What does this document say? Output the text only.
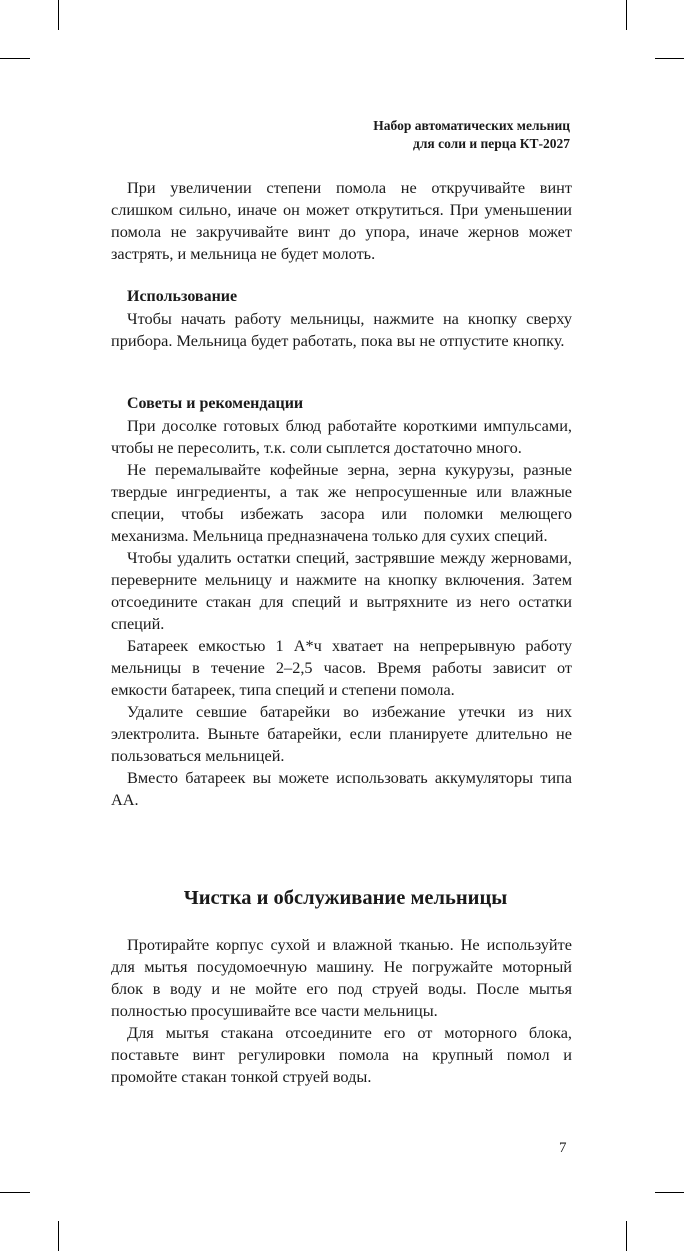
Набор автоматических мельниц
для соли и перца КТ-2027

При увеличении степени помола не откручивайте винт слишком сильно, иначе он может открутиться. При уменьшении помола не закручивайте винт до упора, иначе жернов может застрять, и мельница не будет молоть.

Использование

Чтобы начать работу мельницы, нажмите на кнопку сверху прибора. Мельница будет работать, пока вы не отпустите кнопку.

Советы и рекомендации

При досолке готовых блюд работайте короткими импульсами, чтобы не пересолить, т.к. соли сыплется достаточно много.

Не перемалывайте кофейные зерна, зерна кукурузы, разные твердые ингредиенты, а так же непросушенные или влажные специи, чтобы избежать засора или поломки мелющего механизма. Мельница предназначена только для сухих специй.

Чтобы удалить остатки специй, застрявшие между жерновами, переверните мельницу и нажмите на кнопку включения. Затем отсоедините стакан для специй и вытряхните из него остатки специй.

Батареек емкостью 1 А*ч хватает на непрерывную работу мельницы в течение 2–2,5 часов. Время работы зависит от емкости батареек, типа специй и степени помола.

Удалите севшие батарейки во избежание утечки из них электролита. Выньте батарейки, если планируете длительно не пользоваться мельницей.

Вместо батареек вы можете использовать аккумуляторы типа АА.

Чистка и обслуживание мельницы

Протирайте корпус сухой и влажной тканью. Не используйте для мытья посудомоечную машину. Не погружайте моторный блок в воду и не мойте его под струей воды. После мытья полностью просушивайте все части мельницы.

Для мытья стакана отсоедините его от моторного блока, поставьте винт регулировки помола на крупный помол и промойте стакан тонкой струей воды.

7
